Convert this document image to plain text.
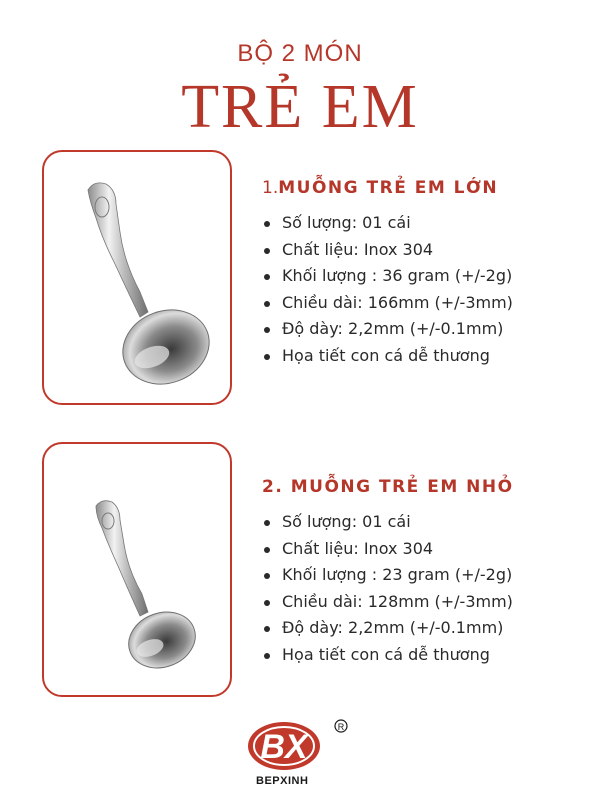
BỘ 2 MÓN
TRẺ EM
1.MUỖNG TRẺ EM LỚN
Số lượng: 01 cái
Chất liệu: Inox 304
Khối lượng : 36 gram (+/-2g)
Chiều dài: 166mm (+/-3mm)
Độ dày: 2,2mm (+/-0.1mm)
Họa tiết con cá dễ thương
2. MUỖNG TRẺ EM NHỎ
Số lượng: 01 cái
Chất liệu: Inox 304
Khối lượng : 23 gram (+/-2g)
Chiều dài: 128mm (+/-3mm)
Độ dày: 2,2mm (+/-0.1mm)
Họa tiết con cá dễ thương
BX
R
BEPXINH
